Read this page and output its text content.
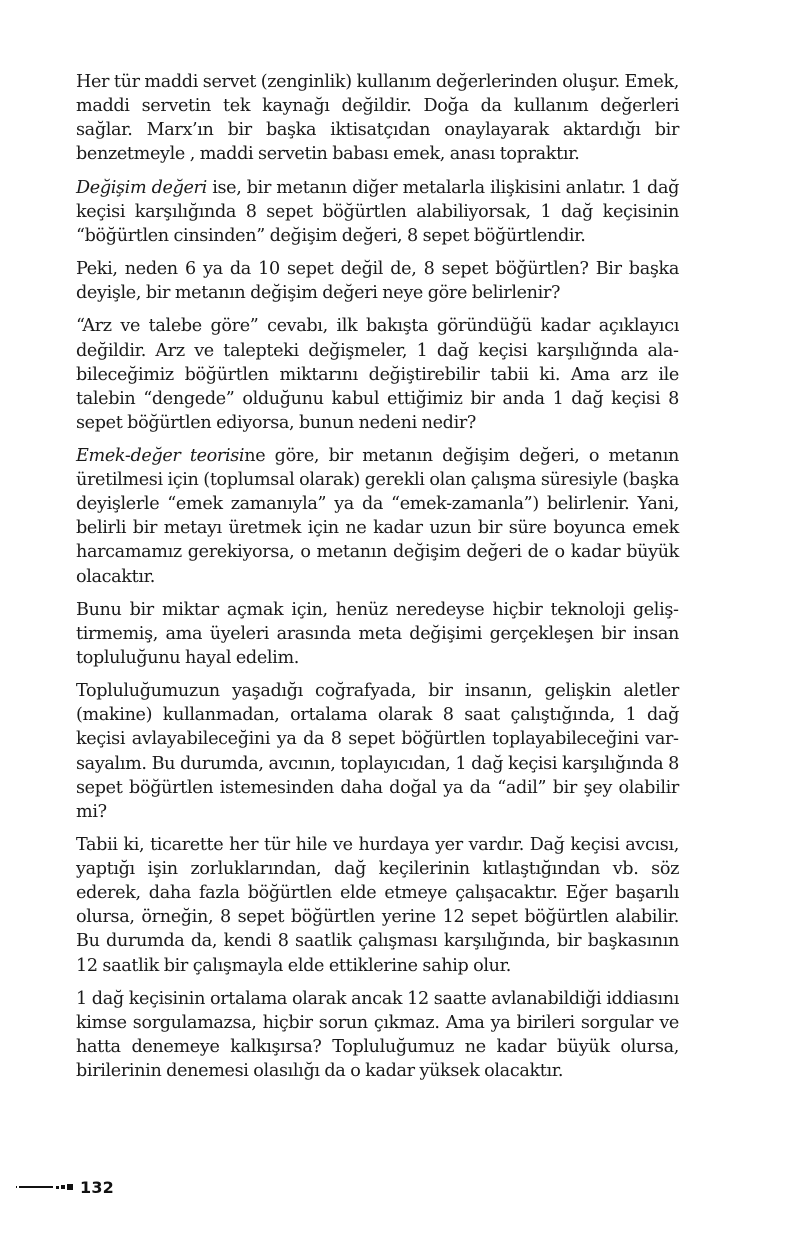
Her tür maddi servet (zenginlik) kullanım değerlerinden oluşur. Emek, maddi servetin tek kaynağı değildir. Doğa da kullanım değerleri sağlar. Marx’ın bir başka iktisatçıdan onaylayarak aktardığı bir benzetmeyle , maddi servetin babası emek, anası topraktır.

Değişim değeri ise, bir metanın diğer metalarla ilişkisini anlatır. 1 dağ keçisi karşılığında 8 sepet böğürtlen alabiliyorsak, 1 dağ keçisinin “böğürtlen cinsinden” değişim değeri, 8 sepet böğürtlendir.

Peki, neden 6 ya da 10 sepet değil de, 8 sepet böğürtlen? Bir başka deyişle, bir metanın değişim değeri neye göre belirlenir?

“Arz ve talebe göre” cevabı, ilk bakışta göründüğü kadar açıklayıcı değildir. Arz ve talepteki değişmeler, 1 dağ keçisi karşılığında alabileceğimiz böğürtlen miktarını değiştirebilir tabii ki. Ama arz ile talebin “dengede” olduğunu kabul ettiğimiz bir anda 1 dağ keçisi 8 sepet böğürtlen ediyorsa, bunun nedeni nedir?

Emek-değer teorisine göre, bir metanın değişim değeri, o metanın üretilmesi için (toplumsal olarak) gerekli olan çalışma süresiyle (başka deyişlerle “emek zamanıyla” ya da “emek-zamanla”) belirlenir. Yani, belirli bir metayı üretmek için ne kadar uzun bir süre boyunca emek harcamamız gerekiyorsa, o metanın değişim değeri de o kadar büyük olacaktır.

Bunu bir miktar açmak için, henüz neredeyse hiçbir teknoloji geliştirmemiş, ama üyeleri arasında meta değişimi gerçekleşen bir insan topluluğunu hayal edelim.

Topluluğumuzun yaşadığı coğrafyada, bir insanın, gelişkin aletler (makine) kullanmadan, ortalama olarak 8 saat çalıştığında, 1 dağ keçisi avlayabileceğini ya da 8 sepet böğürtlen toplayabileceğini varsayalım. Bu durumda, avcının, toplayıcıdan, 1 dağ keçisi karşılığında 8 sepet böğürtlen istemesinden daha doğal ya da “adil” bir şey olabilir mi?

Tabii ki, ticarette her tür hile ve hurdaya yer vardır. Dağ keçisi avcısı, yaptığı işin zorluklarından, dağ keçilerinin kıtlaştığından vb. söz ederek, daha fazla böğürtlen elde etmeye çalışacaktır. Eğer başarılı olursa, örneğin, 8 sepet böğürtlen yerine 12 sepet böğürtlen alabilir. Bu durumda da, kendi 8 saatlik çalışması karşılığında, bir başkasının 12 saatlik bir çalışmayla elde ettiklerine sahip olur.

1 dağ keçisinin ortalama olarak ancak 12 saatte avlanabildiği iddiasını kimse sorgulamazsa, hiçbir sorun çıkmaz. Ama ya birileri sorgular ve hatta denemeye kalkışırsa? Topluluğumuz ne kadar büyük olursa, birilerinin denemesi olasılığı da o kadar yüksek olacaktır.

132
